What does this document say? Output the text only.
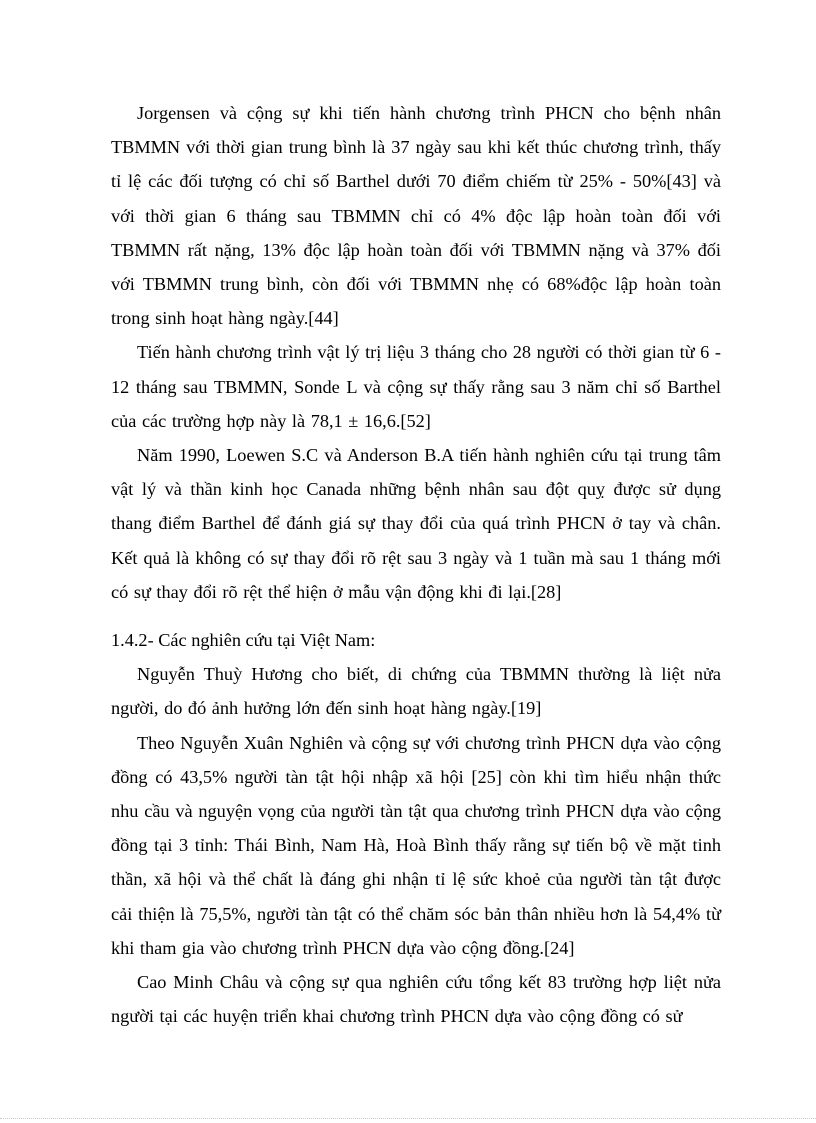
Jorgensen và cộng sự khi tiến hành chương trình PHCN cho bệnh nhân TBMMN với thời gian trung bình là 37 ngày sau khi kết thúc chương trình, thấy tỉ lệ các đối tượng có chỉ số Barthel dưới 70 điểm chiếm từ 25% - 50%[43] và với thời gian 6 tháng sau TBMMN chỉ có 4% độc lập hoàn toàn đối với TBMMN rất nặng, 13% độc lập hoàn toàn đối với TBMMN nặng và 37% đối với TBMMN trung bình, còn đối với TBMMN nhẹ có 68%độc lập hoàn toàn trong sinh hoạt hàng ngày.[44]

Tiến hành chương trình vật lý trị liệu 3 tháng cho 28 người có thời gian từ 6 - 12 tháng sau TBMMN, Sonde L và cộng sự thấy rằng sau 3 năm chỉ số Barthel của các trường hợp này là 78,1 ± 16,6.[52]

Năm 1990, Loewen S.C và Anderson B.A tiến hành nghiên cứu tại trung tâm vật lý và thần kinh học Canada những bệnh nhân sau đột quỵ được sử dụng thang điểm Barthel để đánh giá sự thay đổi của quá trình PHCN ở tay và chân. Kết quả là không có sự thay đổi rõ rệt sau 3 ngày và 1 tuần mà sau 1 tháng mới có sự thay đổi rõ rệt thể hiện ở mẫu vận động khi đi lại.[28]

1.4.2- Các nghiên cứu tại Việt Nam:

Nguyễn Thuỳ Hương cho biết, di chứng của TBMMN thường là liệt nửa người, do đó ảnh hưởng lớn đến sinh hoạt hàng ngày.[19]

Theo Nguyễn Xuân Nghiên và cộng sự với chương trình PHCN dựa vào cộng đồng có 43,5% người tàn tật hội nhập xã hội [25] còn khi tìm hiểu nhận thức nhu cầu và nguyện vọng của người tàn tật qua chương trình PHCN dựa vào cộng đồng tại 3 tỉnh: Thái Bình, Nam Hà, Hoà Bình thấy rằng sự tiến bộ về mặt tinh thần, xã hội và thể chất là đáng ghi nhận tỉ lệ sức khoẻ của người tàn tật được cải thiện là 75,5%, người tàn tật có thể chăm sóc bản thân nhiều hơn là 54,4% từ khi tham gia vào chương trình PHCN dựa vào cộng đồng.[24]

Cao Minh Châu và cộng sự qua nghiên cứu tổng kết 83 trường hợp liệt nửa người tại các huyện triển khai chương trình PHCN dựa vào cộng đồng có sử
